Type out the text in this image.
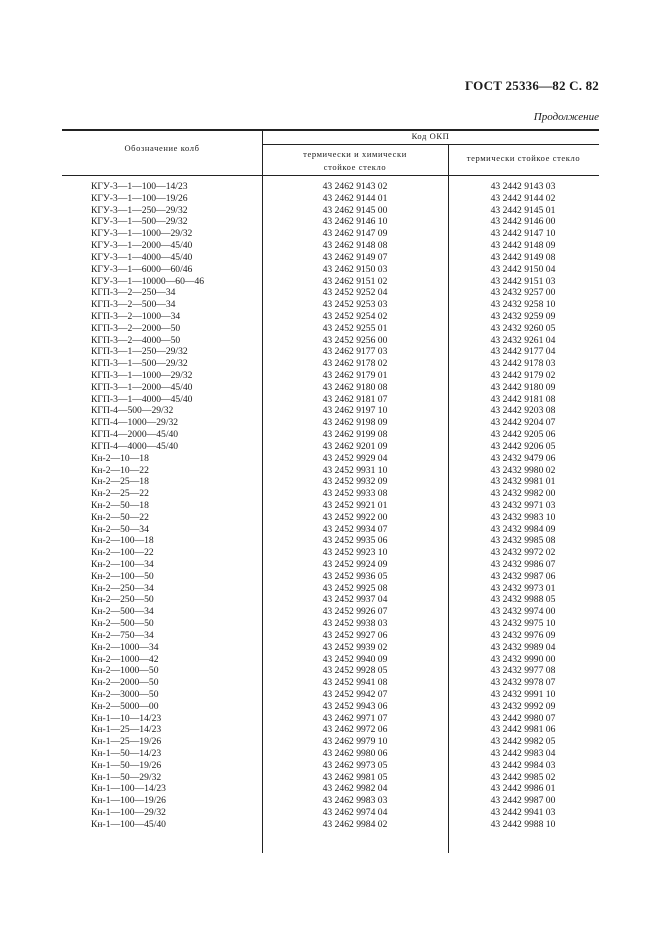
ГОСТ 25336—82 С. 82
Продолжение
Обозначение колб
Код ОКП
термически и химически
стойкое стекло
термически стойкое стекло
КГУ-3—1—100—14/23	43 2462 9143 02	43 2442 9143 03
КГУ-3—1—100—19/26	43 2462 9144 01	43 2442 9144 02
КГУ-3—1—250—29/32	43 2462 9145 00	43 2442 9145 01
КГУ-3—1—500—29/32	43 2462 9146 10	43 2442 9146 00
КГУ-3—1—1000—29/32	43 2462 9147 09	43 2442 9147 10
КГУ-3—1—2000—45/40	43 2462 9148 08	43 2442 9148 09
КГУ-3—1—4000—45/40	43 2462 9149 07	43 2442 9149 08
КГУ-3—1—6000—60/46	43 2462 9150 03	43 2442 9150 04
КГУ-3—1—10000—60—46	43 2462 9151 02	43 2442 9151 03
КГП-3—2—250—34	43 2452 9252 04	43 2432 9257 00
КГП-3—2—500—34	43 2452 9253 03	43 2432 9258 10
КГП-3—2—1000—34	43 2452 9254 02	43 2432 9259 09
КГП-3—2—2000—50	43 2452 9255 01	43 2432 9260 05
КГП-3—2—4000—50	43 2452 9256 00	43 2432 9261 04
КГП-3—1—250—29/32	43 2462 9177 03	43 2442 9177 04
КГП-3—1—500—29/32	43 2462 9178 02	43 2442 9178 03
КГП-3—1—1000—29/32	43 2462 9179 01	43 2442 9179 02
КГП-3—1—2000—45/40	43 2462 9180 08	43 2442 9180 09
КГП-3—1—4000—45/40	43 2462 9181 07	43 2442 9181 08
КГП-4—500—29/32	43 2462 9197 10	43 2442 9203 08
КГП-4—1000—29/32	43 2462 9198 09	43 2442 9204 07
КГП-4—2000—45/40	43 2462 9199 08	43 2442 9205 06
КГП-4—4000—45/40	43 2462 9201 09	43 2442 9206 05
Кн-2—10—18	43 2452 9929 04	43 2432 9479 06
Кн-2—10—22	43 2452 9931 10	43 2432 9980 02
Кн-2—25—18	43 2452 9932 09	43 2432 9981 01
Кн-2—25—22	43 2452 9933 08	43 2432 9982 00
Кн-2—50—18	43 2452 9921 01	43 2432 9971 03
Кн-2—50—22	43 2452 9922 00	43 2432 9983 10
Кн-2—50—34	43 2452 9934 07	43 2432 9984 09
Кн-2—100—18	43 2452 9935 06	43 2432 9985 08
Кн-2—100—22	43 2452 9923 10	43 2432 9972 02
Кн-2—100—34	43 2452 9924 09	43 2432 9986 07
Кн-2—100—50	43 2452 9936 05	43 2432 9987 06
Кн-2—250—34	43 2452 9925 08	43 2432 9973 01
Кн-2—250—50	43 2452 9937 04	43 2432 9988 05
Кн-2—500—34	43 2452 9926 07	43 2432 9974 00
Кн-2—500—50	43 2452 9938 03	43 2432 9975 10
Кн-2—750—34	43 2452 9927 06	43 2432 9976 09
Кн-2—1000—34	43 2452 9939 02	43 2432 9989 04
Кн-2—1000—42	43 2452 9940 09	43 2432 9990 00
Кн-2—1000—50	43 2452 9928 05	43 2432 9977 08
Кн-2—2000—50	43 2452 9941 08	43 2432 9978 07
Кн-2—3000—50	43 2452 9942 07	43 2432 9991 10
Кн-2—5000—00	43 2452 9943 06	43 2432 9992 09
Кн-1—10—14/23	43 2462 9971 07	43 2442 9980 07
Кн-1—25—14/23	43 2462 9972 06	43 2442 9981 06
Кн-1—25—19/26	43 2462 9979 10	43 2442 9982 05
Кн-1—50—14/23	43 2462 9980 06	43 2442 9983 04
Кн-1—50—19/26	43 2462 9973 05	43 2442 9984 03
Кн-1—50—29/32	43 2462 9981 05	43 2442 9985 02
Кн-1—100—14/23	43 2462 9982 04	43 2442 9986 01
Кн-1—100—19/26	43 2462 9983 03	43 2442 9987 00
Кн-1—100—29/32	43 2462 9974 04	43 2442 9941 03
Кн-1—100—45/40	43 2462 9984 02	43 2442 9988 10
